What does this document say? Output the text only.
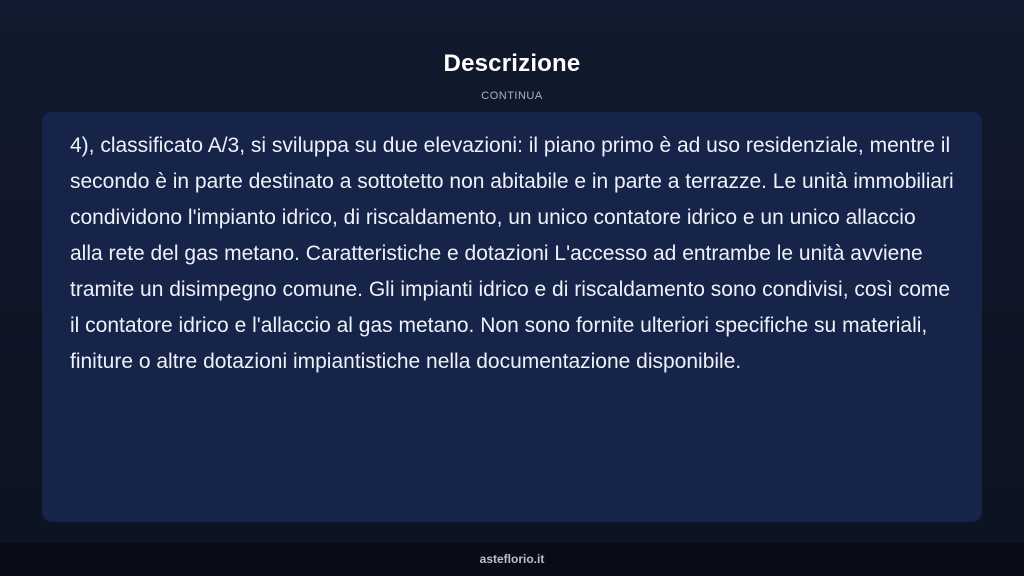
Descrizione
CONTINUA

4), classificato A/3, si sviluppa su due elevazioni: il piano primo è ad uso residenziale, mentre il secondo è in parte destinato a sottotetto non abitabile e in parte a terrazze. Le unità immobiliari condividono l'impianto idrico, di riscaldamento, un unico contatore idrico e un unico allaccio alla rete del gas metano. Caratteristiche e dotazioni L'accesso ad entrambe le unità avviene tramite un disimpegno comune. Gli impianti idrico e di riscaldamento sono condivisi, così come il contatore idrico e l'allaccio al gas metano. Non sono fornite ulteriori specifiche su materiali, finiture o altre dotazioni impiantistiche nella documentazione disponibile.

asteflorio.it
